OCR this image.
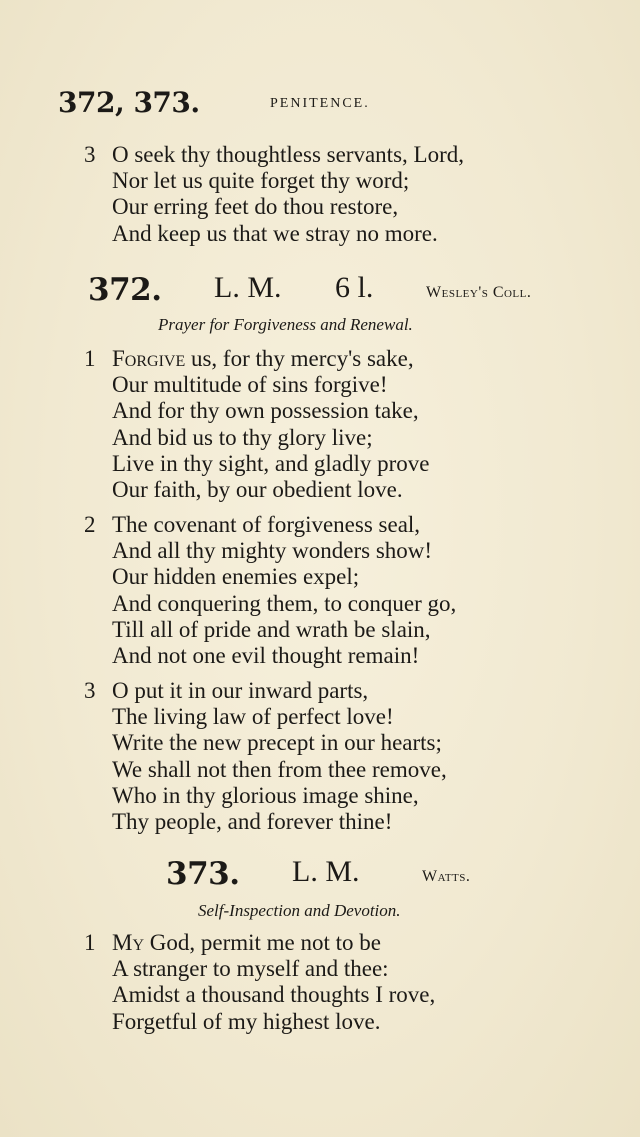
372, 373.	PENITENCE.
3 O seek thy thoughtless servants, Lord,
Nor let us quite forget thy word;
Our erring feet do thou restore,
And keep us that we stray no more.
372. L. M. 6 l.	Wesley's Coll.
Prayer for Forgiveness and Renewal.
1 Forgive us, for thy mercy's sake,
Our multitude of sins forgive!
And for thy own possession take,
And bid us to thy glory live;
Live in thy sight, and gladly prove
Our faith, by our obedient love.
2 The covenant of forgiveness seal,
And all thy mighty wonders show!
Our hidden enemies expel;
And conquering them, to conquer go,
Till all of pride and wrath be slain,
And not one evil thought remain!
3 O put it in our inward parts,
The living law of perfect love!
Write the new precept in our hearts;
We shall not then from thee remove,
Who in thy glorious image shine,
Thy people, and forever thine!
373. L. M.	Watts.
Self-Inspection and Devotion.
1 My God, permit me not to be
A stranger to myself and thee:
Amidst a thousand thoughts I rove,
Forgetful of my highest love.
